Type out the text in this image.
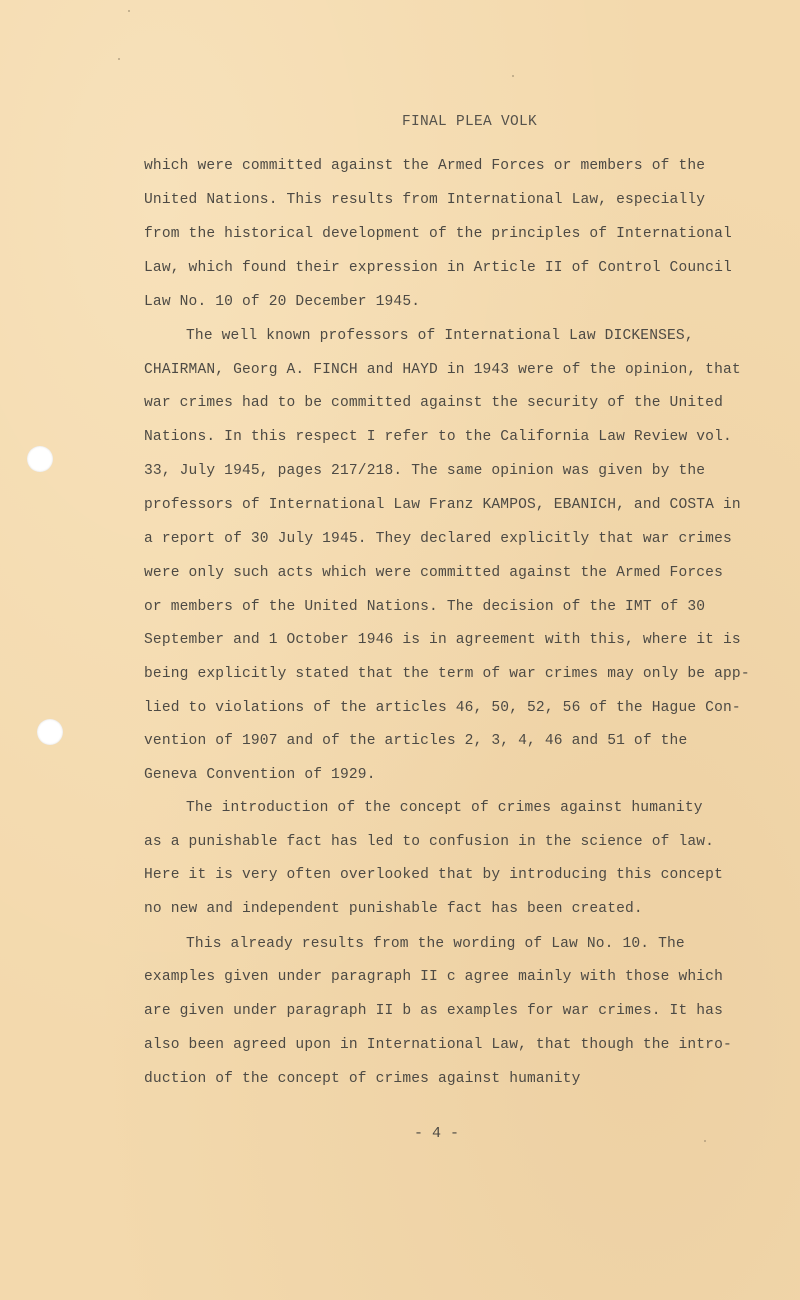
FINAL PLEA VOLK
which were committed against the Armed Forces or members of the
United Nations. This results from International Law, especially
from the historical development of the principles of International
Law, which found their expression in Article II of Control Council
Law No. 10 of 20 December 1945.
The well known professors of International Law DICKENSES,
CHAIRMAN, Georg A. FINCH and HAYD in 1943 were of the opinion, that
war crimes had to be committed against the security of the United
Nations. In this respect I refer to the California Law Review vol.
33, July 1945, pages 217/218. The same opinion was given by the
professors of International Law Franz KAMPOS, EBANICH, and COSTA in
a report of 30 July 1945. They declared explicitly that war crimes
were only such acts which were committed against the Armed Forces
or members of the United Nations. The decision of the IMT of 30
September and 1 October 1946 is in agreement with this, where it is
being explicitly stated that the term of war crimes may only be app-
lied to violations of the articles 46, 50, 52, 56 of the Hague Con-
vention of 1907 and of the articles 2, 3, 4, 46 and 51 of the
Geneva Convention of 1929.
The introduction of the concept of crimes against humanity
as a punishable fact has led to confusion in the science of law.
Here it is very often overlooked that by introducing this concept
no new and independent punishable fact has been created.
This already results from the wording of Law No. 10. The
examples given under paragraph II c agree mainly with those which
are given under paragraph II b as examples for war crimes. It has
also been agreed upon in International Law, that though the intro-
duction of the concept of crimes against humanity
- 4 -
